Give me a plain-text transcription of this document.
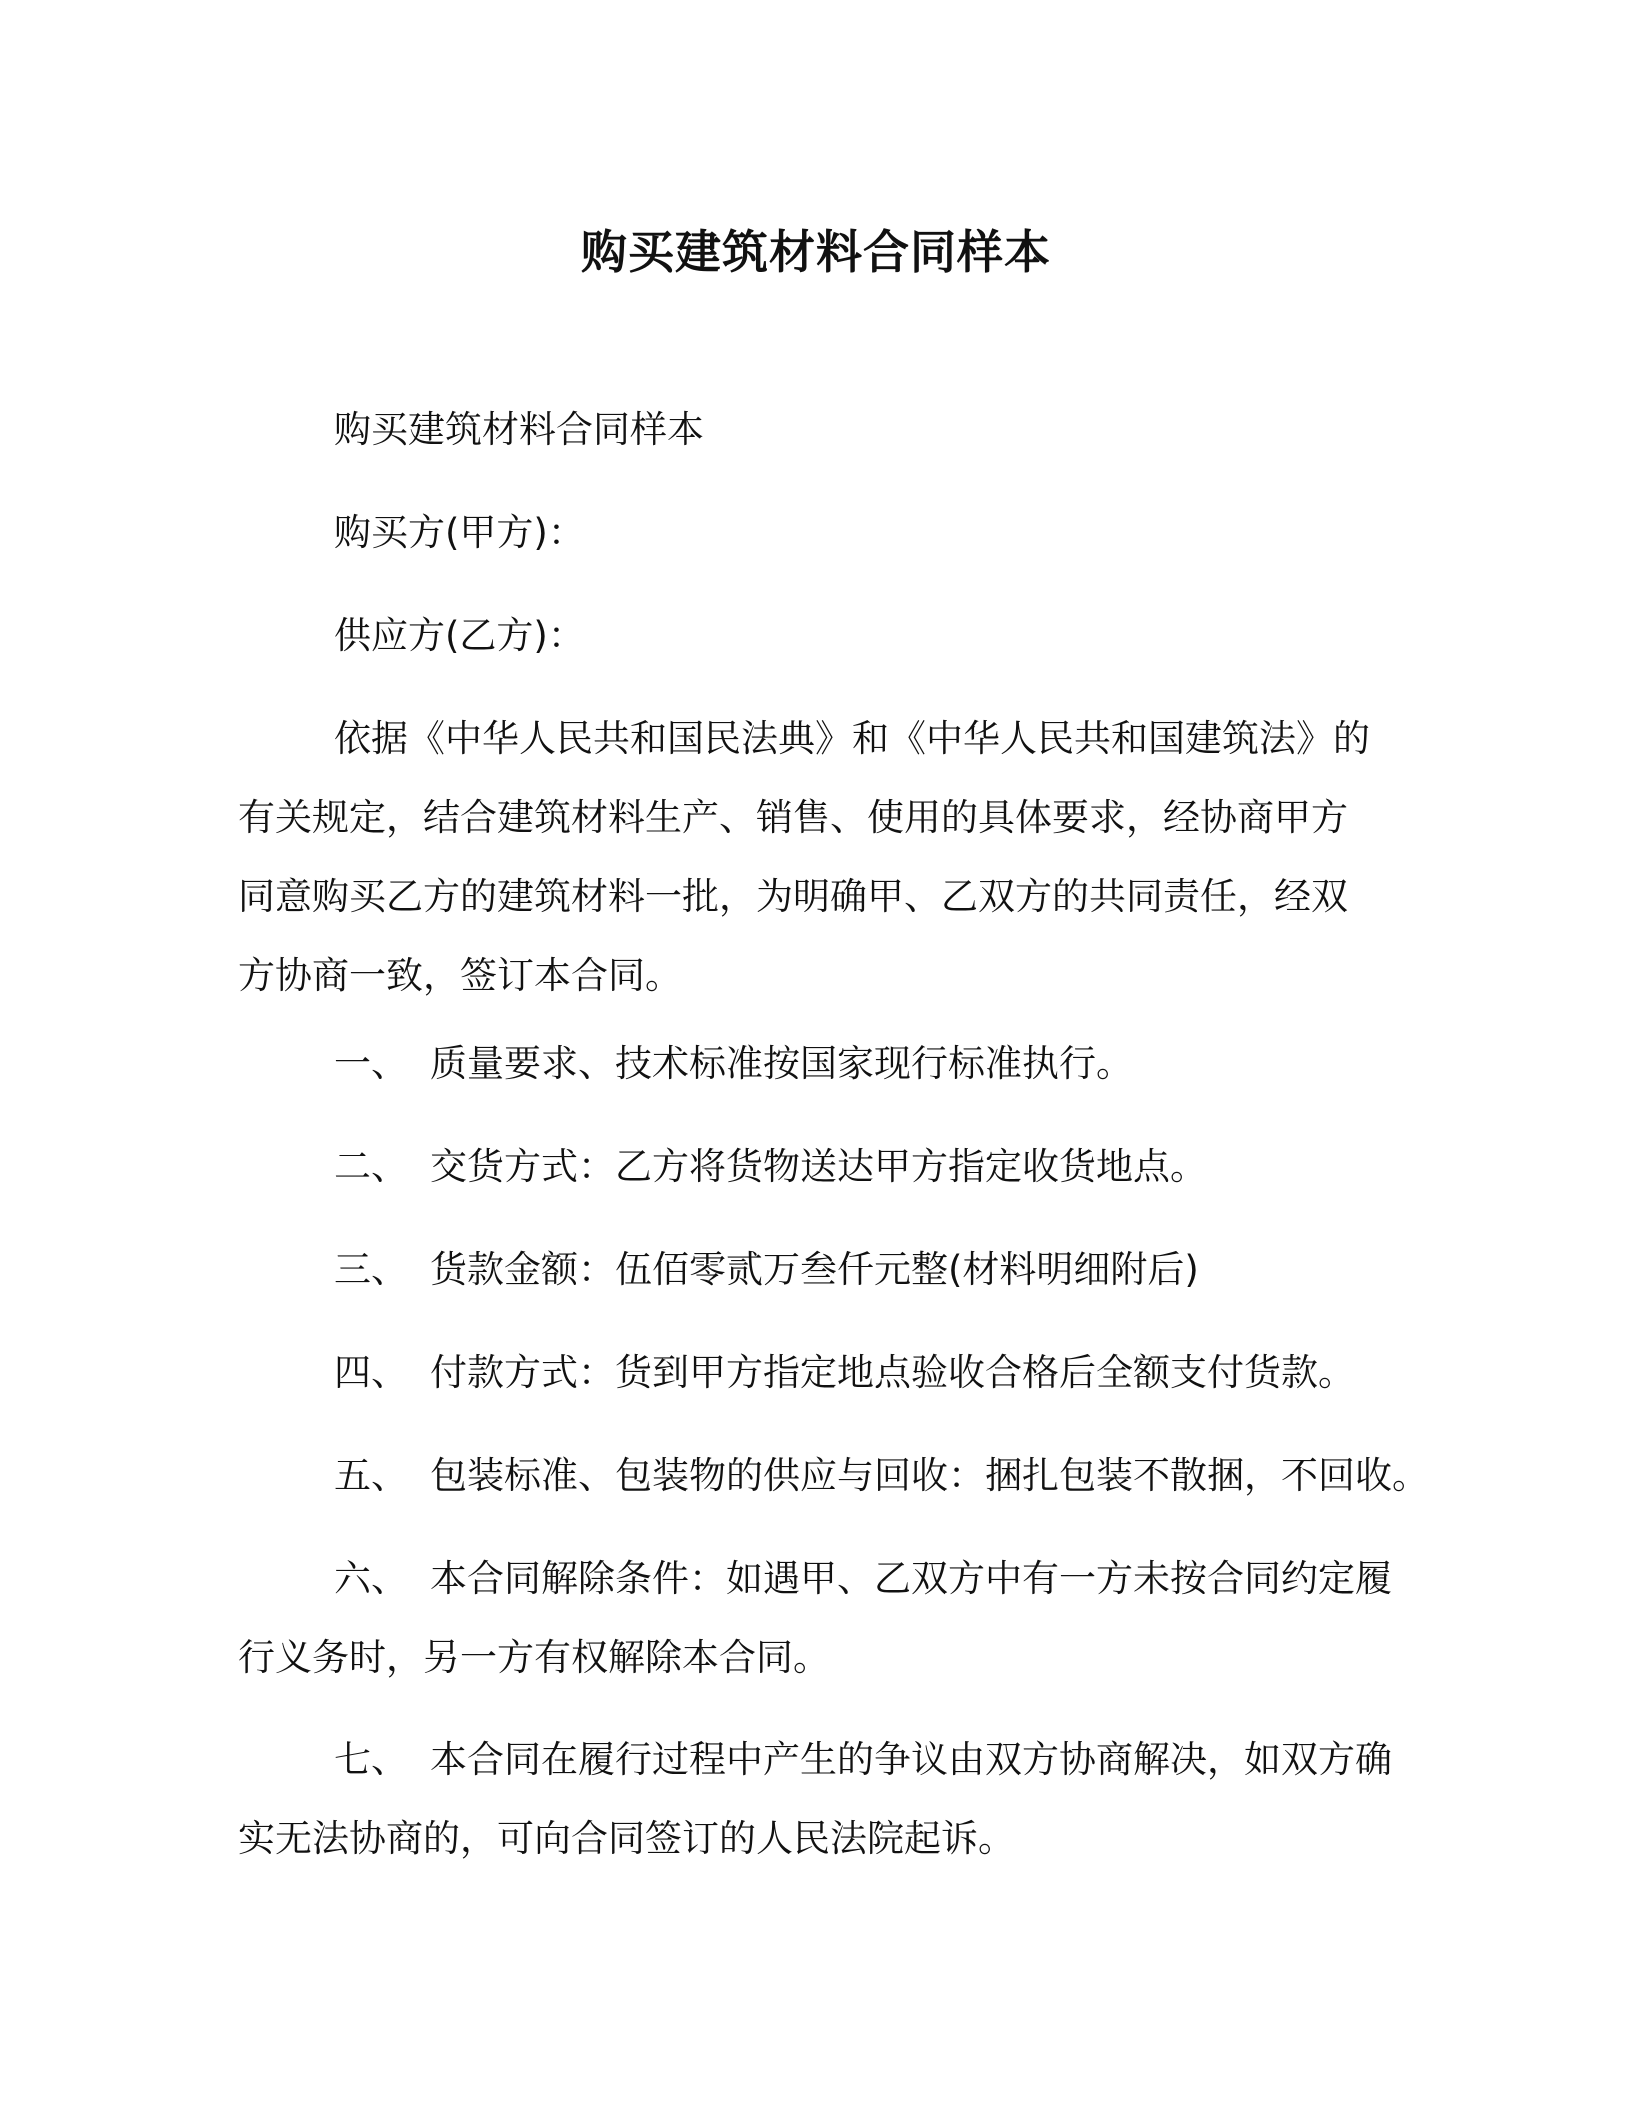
购买建筑材料合同样本

购买建筑材料合同样本

购买方(甲方)：

供应方(乙方)：

依据《中华人民共和国民法典》和《中华人民共和国建筑法》的
有关规定，结合建筑材料生产、销售、使用的具体要求，经协商甲方
同意购买乙方的建筑材料一批，为明确甲、乙双方的共同责任，经双
方协商一致，签订本合同。
一、 质量要求、技术标准按国家现行标准执行。
二、 交货方式：乙方将货物送达甲方指定收货地点。
三、 货款金额：伍佰零贰万叁仟元整(材料明细附后)
四、 付款方式：货到甲方指定地点验收合格后全额支付货款。
五、 包装标准、包装物的供应与回收：捆扎包装不散捆，不回收。
六、 本合同解除条件：如遇甲、乙双方中有一方未按合同约定履
行义务时，另一方有权解除本合同。
七、 本合同在履行过程中产生的争议由双方协商解决，如双方确
实无法协商的，可向合同签订的人民法院起诉。
